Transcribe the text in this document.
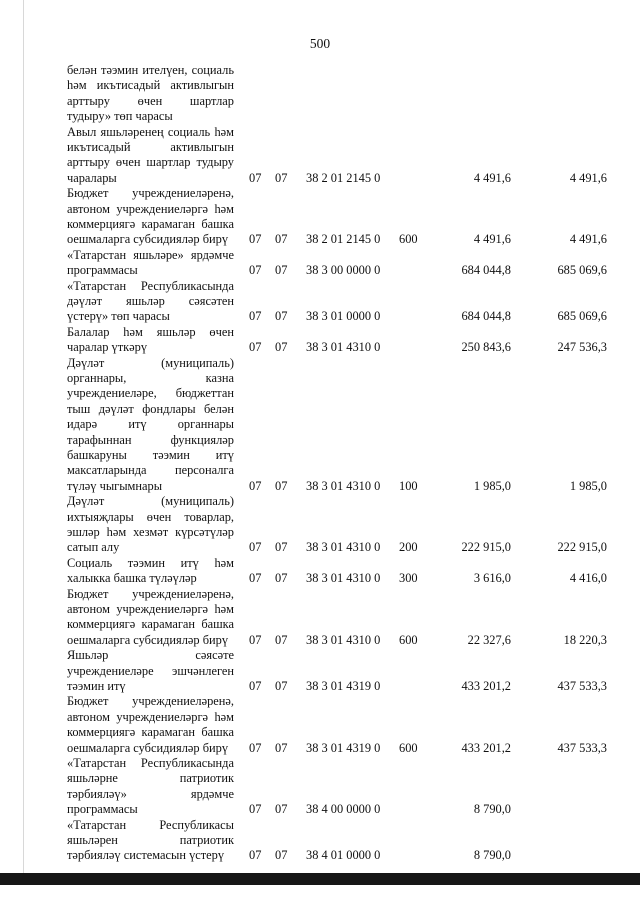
500
белән тәэмин ителүен, социаль
һәм икътисадый активлыгын
арттыру өчен шартлар
тудыру» төп чарасы
Авыл яшьләренең социаль һәм
икътисадый активлыгын
арттыру өчен шартлар тудыру
чаралары	07 07 38 2 01 2145 0	4 491,6	4 491,6
Бюджет учреждениеләренә,
автоном учреждениеләргә һәм
коммерциягә карамаган башка
оешмаларга субсидияләр бирү	07 07 38 2 01 2145 0 600	4 491,6	4 491,6
«Татарстан яшьләре» ярдәмче
программасы	07 07 38 3 00 0000 0	684 044,8	685 069,6
«Татарстан Республикасында
дәүләт яшьләр сәясәтен
үстерү» төп чарасы	07 07 38 3 01 0000 0	684 044,8	685 069,6
Балалар һәм яшьләр өчен
чаралар үткәрү	07 07 38 3 01 4310 0	250 843,6	247 536,3
Дәүләт (муниципаль)
органнары, казна
учреждениеләре, бюджеттан
тыш дәүләт фондлары белән
идарә итү органнары
тарафыннан функцияләр
башкаруны тәэмин итү
максатларында персоналга
түләү чыгымнары	07 07 38 3 01 4310 0 100	1 985,0	1 985,0
Дәүләт (муниципаль)
ихтыяҗлары өчен товарлар,
эшләр һәм хезмәт күрсәтүләр
сатып алу	07 07 38 3 01 4310 0 200	222 915,0	222 915,0
Социаль тәэмин итү һәм
халыкка башка түләүләр	07 07 38 3 01 4310 0 300	3 616,0	4 416,0
Бюджет учреждениеләренә,
автоном учреждениеләргә һәм
коммерциягә карамаган башка
оешмаларга субсидияләр бирү	07 07 38 3 01 4310 0 600	22 327,6	18 220,3
Яшьләр сәясәте
учреждениеләре эшчәнлеген
тәэмин итү	07 07 38 3 01 4319 0	433 201,2	437 533,3
Бюджет учреждениеләренә,
автоном учреждениеләргә һәм
коммерциягә карамаган башка
оешмаларга субсидияләр бирү	07 07 38 3 01 4319 0 600	433 201,2	437 533,3
«Татарстан Республикасында
яшьләрне патриотик
тәрбияләү» ярдәмче
программасы	07 07 38 4 00 0000 0	8 790,0
«Татарстан Республикасы
яшьләрен патриотик
тәрбияләү системасын үстерү	07 07 38 4 01 0000 0	8 790,0
